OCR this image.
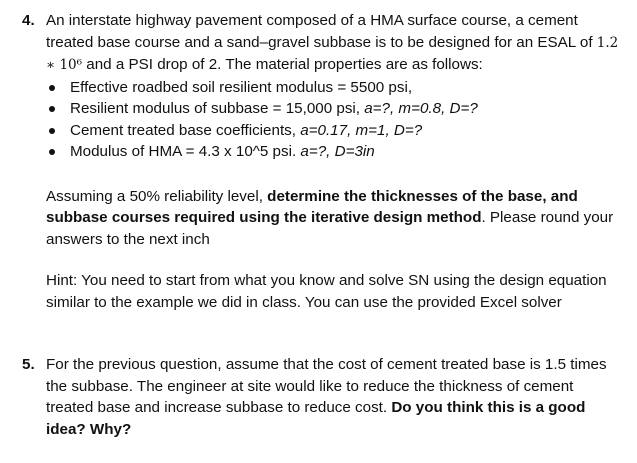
4. An interstate highway pavement composed of a HMA surface course, a cement treated base course and a sand–gravel subbase is to be designed for an ESAL of 1.2 ∗ 10⁶ and a PSI drop of 2. The material properties are as follows:
Effective roadbed soil resilient modulus = 5500 psi,
Resilient modulus of subbase = 15,000 psi, a=?, m=0.8, D=?
Cement treated base coefficients, a=0.17, m=1, D=?
Modulus of HMA = 4.3 x 10^5 psi. a=?, D=3in
Assuming a 50% reliability level, determine the thicknesses of the base, and subbase courses required using the iterative design method. Please round your answers to the next inch
Hint: You need to start from what you know and solve SN using the design equation similar to the example we did in class. You can use the provided Excel solver
5. For the previous question, assume that the cost of cement treated base is 1.5 times the subbase. The engineer at site would like to reduce the thickness of cement treated base and increase subbase to reduce cost. Do you think this is a good idea? Why?
